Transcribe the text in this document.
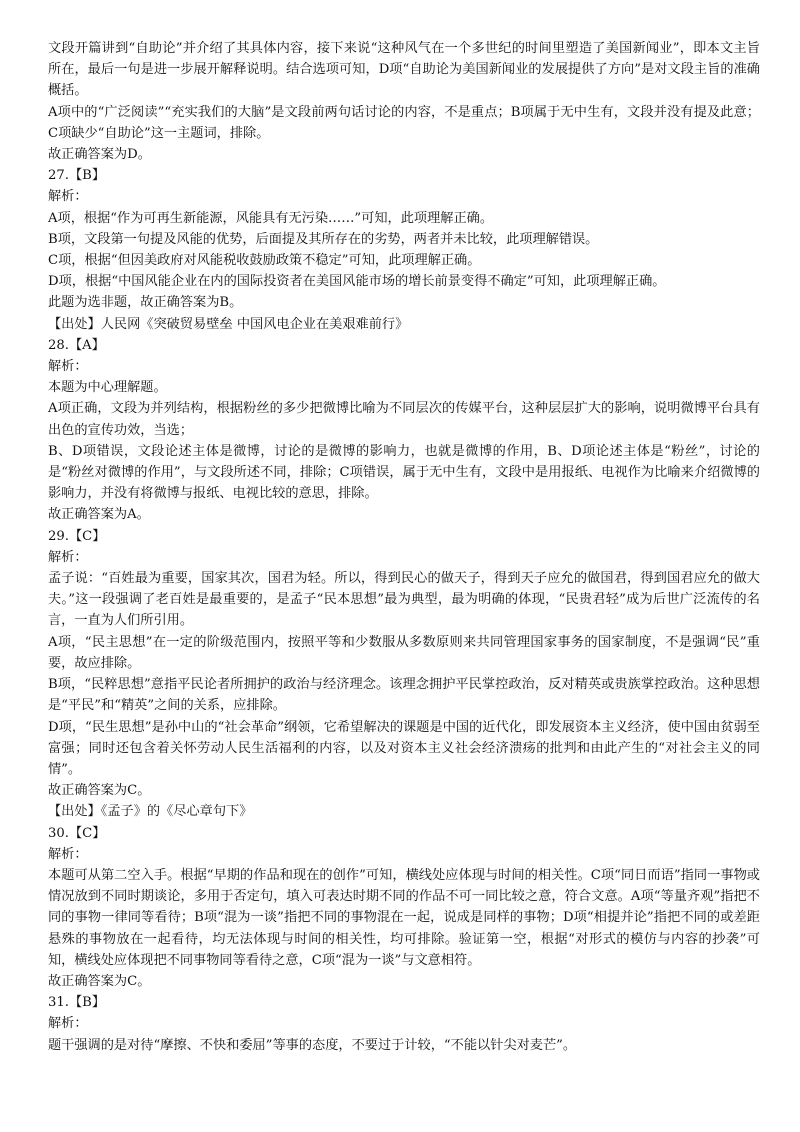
文段开篇讲到“自助论”并介绍了其具体内容，接下来说“这种风气在一个多世纪的时间里塑造了美国新闻业”，即本文主旨所在，最后一句是进一步展开解释说明。结合选项可知，D项“自助论为美国新闻业的发展提供了方向”是对文段主旨的准确概括。

A项中的“广泛阅读”“充实我们的大脑”是文段前两句话讨论的内容，不是重点；B项属于无中生有，文段并没有提及此意；C项缺少“自助论”这一主题词，排除。

故正确答案为D。

27.【B】

解析：

A项，根据“作为可再生新能源，风能具有无污染……”可知，此项理解正确。

B项，文段第一句提及风能的优势，后面提及其所存在的劣势，两者并未比较，此项理解错误。

C项，根据“但因美政府对风能税收鼓励政策不稳定”可知，此项理解正确。

D项，根据“中国风能企业在内的国际投资者在美国风能市场的增长前景变得不确定”可知，此项理解正确。

此题为选非题，故正确答案为B。

【出处】人民网《突破贸易壁垒 中国风电企业在美艰难前行》

28.【A】

解析：

本题为中心理解题。

A项正确，文段为并列结构，根据粉丝的多少把微博比喻为不同层次的传媒平台，这种层层扩大的影响，说明微博平台具有出色的宣传功效，当选；

B、D项错误，文段论述主体是微博，讨论的是微博的影响力，也就是微博的作用，B、D项论述主体是“粉丝”，讨论的是“粉丝对微博的作用”，与文段所述不同，排除；C项错误，属于无中生有，文段中是用报纸、电视作为比喻来介绍微博的影响力，并没有将微博与报纸、电视比较的意思，排除。

故正确答案为A。

29.【C】

解析：

孟子说：“百姓最为重要，国家其次，国君为轻。所以，得到民心的做天子，得到天子应允的做国君，得到国君应允的做大夫。”这一段强调了老百姓是最重要的，是孟子“民本思想”最为典型，最为明确的体现，“民贵君轻”成为后世广泛流传的名言，一直为人们所引用。

A项，“民主思想”在一定的阶级范围内，按照平等和少数服从多数原则来共同管理国家事务的国家制度，不是强调“民”重要，故应排除。

B项，“民粹思想”意指平民论者所拥护的政治与经济理念。该理念拥护平民掌控政治，反对精英或贵族掌控政治。这种思想是“平民”和“精英”之间的关系，应排除。

D项，“民生思想”是孙中山的“社会革命”纲领，它希望解决的课题是中国的近代化，即发展资本主义经济，使中国由贫弱至富强；同时还包含着关怀劳动人民生活福利的内容，以及对资本主义社会经济溃疡的批判和由此产生的“对社会主义的同情”。

故正确答案为C。

【出处】《孟子》的《尽心章句下》

30.【C】

解析：

本题可从第二空入手。根据“早期的作品和现在的创作”可知，横线处应体现与时间的相关性。C项“同日而语”指同一事物或情况放到不同时期谈论，多用于否定句，填入可表达时期不同的作品不可一同比较之意，符合文意。A项“等量齐观”指把不同的事物一律同等看待；B项“混为一谈”指把不同的事物混在一起，说成是同样的事物；D项“相提并论”指把不同的或差距悬殊的事物放在一起看待，均无法体现与时间的相关性，均可排除。验证第一空，根据“对形式的模仿与内容的抄袭”可知，横线处应体现把不同事物同等看待之意，C项“混为一谈”与文意相符。

故正确答案为C。

31.【B】

解析：

题干强调的是对待“摩擦、不快和委屈”等事的态度，不要过于计较，“不能以针尖对麦芒”。
